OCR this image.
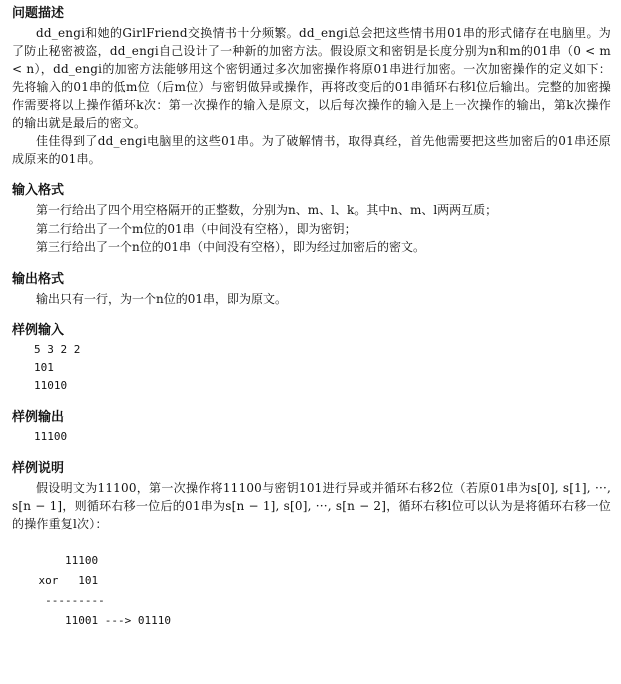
问题描述

dd_engi和她的GirlFriend交换情书十分频繁。dd_engi总会把这些情书用01串的形式储存在电脑里。为了防止秘密被盗，dd_engi自己设计了一种新的加密方法。假设原文和密钥是长度分别为n和m的01串（0 < m < n），dd_engi的加密方法能够用这个密钥通过多次加密操作将原01串进行加密。一次加密操作的定义如下：先将输入的01串的低m位（后m位）与密钥做异或操作，再将改变后的01串循环右移l位后输出。完整的加密操作需要将以上操作循环k次：第一次操作的输入是原文，以后每次操作的输入是上一次操作的输出，第k次操作的输出就是最后的密文。

佳佳得到了dd_engi电脑里的这些01串。为了破解情书，取得真经，首先他需要把这些加密后的01串还原成原来的01串。

输入格式

第一行给出了四个用空格隔开的正整数，分别为n、m、l、k。其中n、m、l两两互质；

第二行给出了一个m位的01串（中间没有空格），即为密钥；

第三行给出了一个n位的01串（中间没有空格），即为经过加密后的密文。

输出格式

输出只有一行，为一个n位的01串，即为原文。

样例输入
5 3 2 2
101
11010
样例输出
11100
样例说明

假设明文为11100，第一次操作将11100与密钥101进行异或并循环右移2位（若原01串为s[0], s[1], ···, s[n − 1]，则循环右移一位后的01串为s[n − 1], s[0], ···, s[n − 2]，循环右移l位可以认为是将循环右移一位的操作重复l次）：

11100
xor   101
---------
11001 ---> 01110
